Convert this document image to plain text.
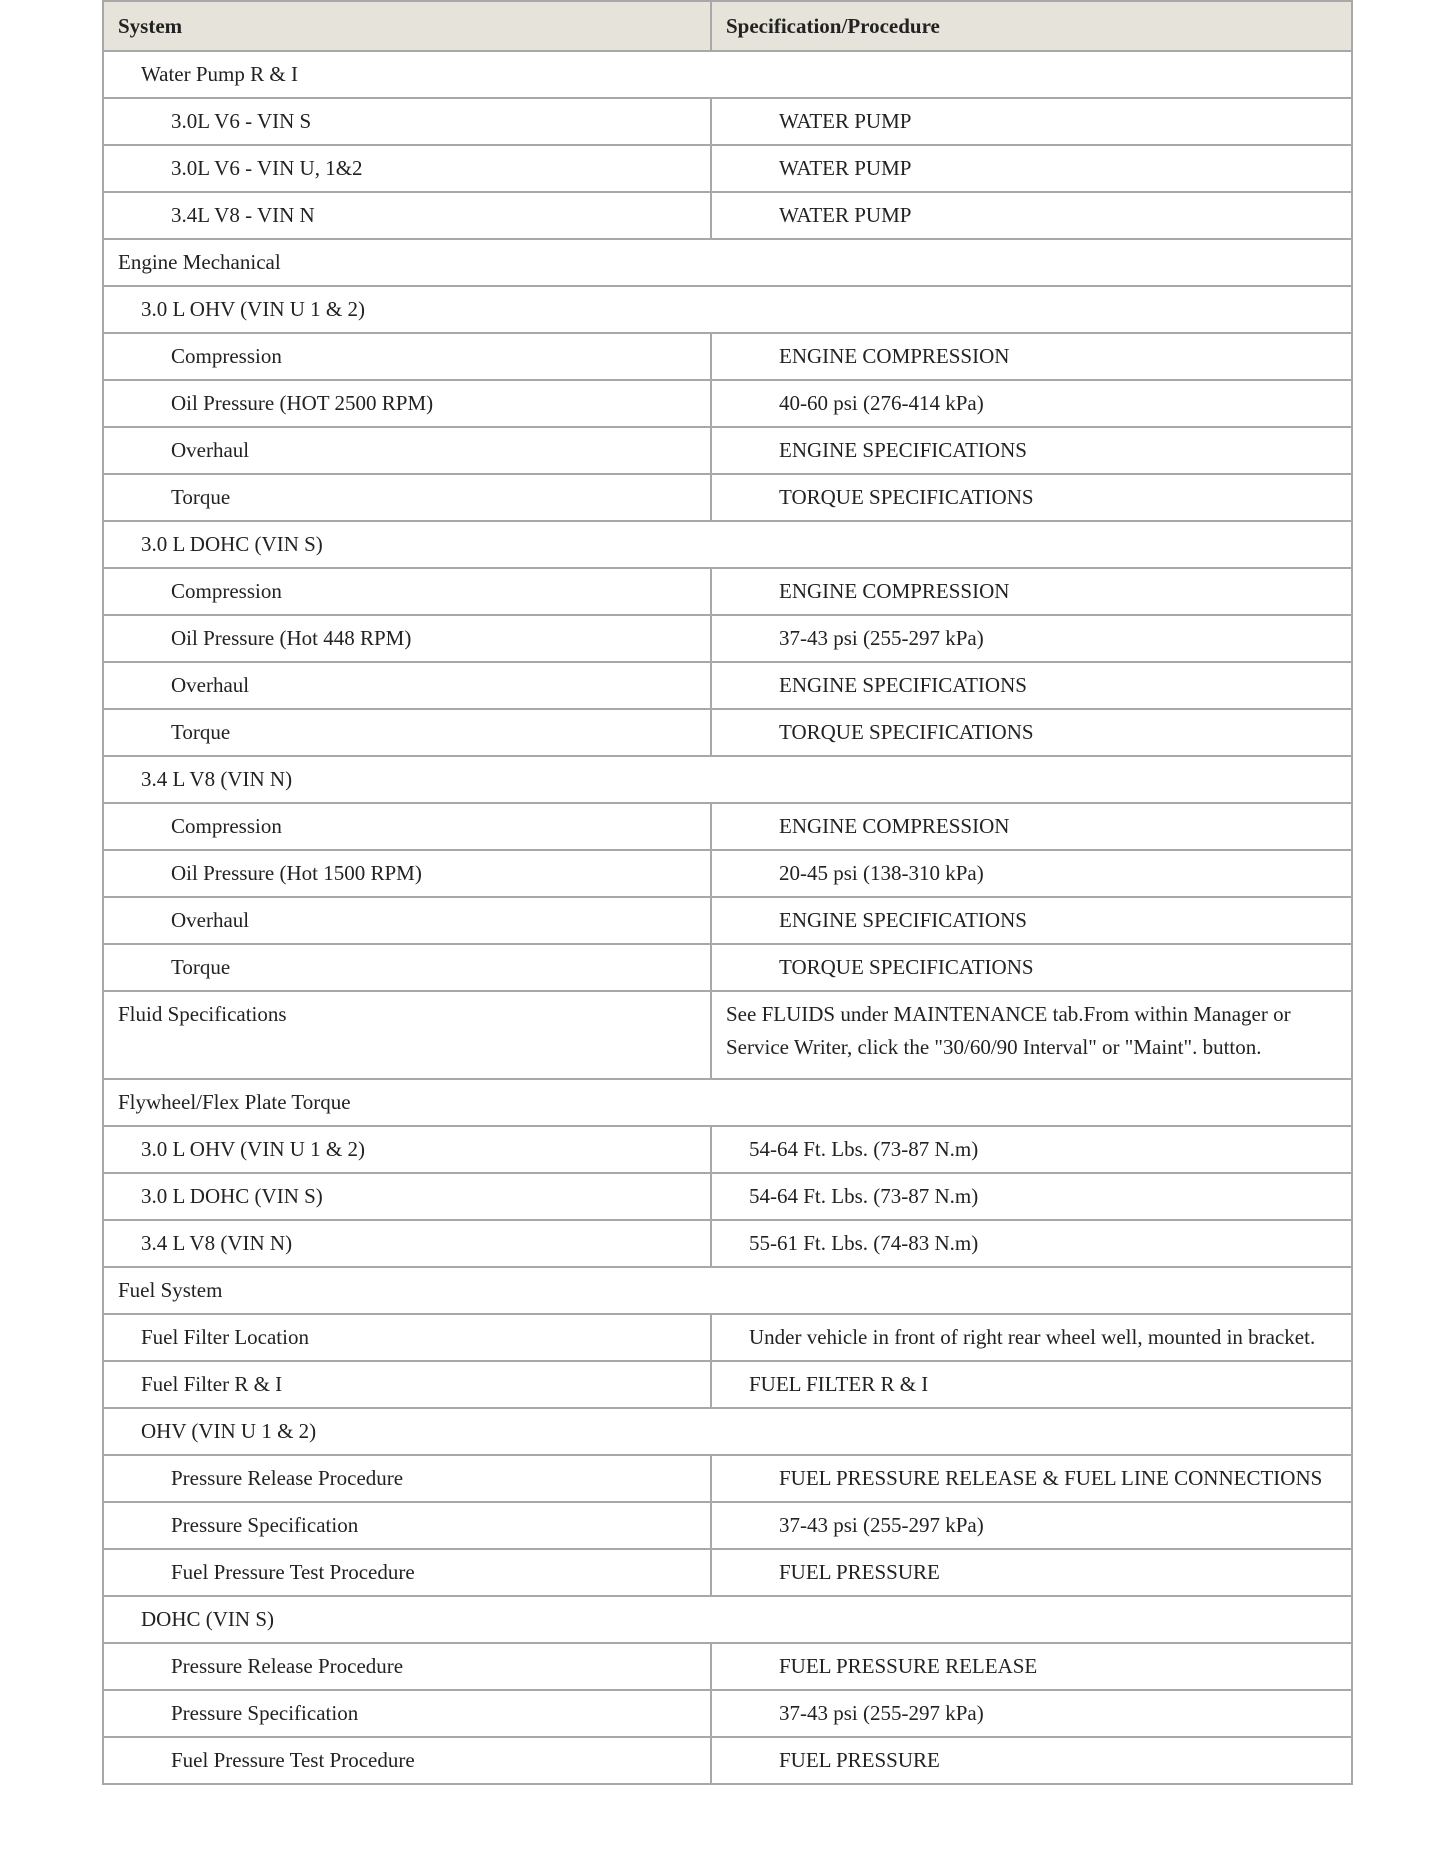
System	Specification/Procedure
Water Pump R & I	
3.0L V6 - VIN S	WATER PUMP
3.0L V6 - VIN U, 1&2	WATER PUMP
3.4L V8 - VIN N	WATER PUMP
Engine Mechanical	
3.0 L OHV (VIN U 1 & 2)	
Compression	ENGINE COMPRESSION
Oil Pressure (HOT 2500 RPM)	40-60 psi (276-414 kPa)
Overhaul	ENGINE SPECIFICATIONS
Torque	TORQUE SPECIFICATIONS
3.0 L DOHC (VIN S)	
Compression	ENGINE COMPRESSION
Oil Pressure (Hot 448 RPM)	37-43 psi (255-297 kPa)
Overhaul	ENGINE SPECIFICATIONS
Torque	TORQUE SPECIFICATIONS
3.4 L V8 (VIN N)	
Compression	ENGINE COMPRESSION
Oil Pressure (Hot 1500 RPM)	20-45 psi (138-310 kPa)
Overhaul	ENGINE SPECIFICATIONS
Torque	TORQUE SPECIFICATIONS
Fluid Specifications	See FLUIDS under MAINTENANCE tab.From within Manager or Service Writer, click the "30/60/90 Interval" or "Maint". button.
Flywheel/Flex Plate Torque	
3.0 L OHV (VIN U 1 & 2)	54-64 Ft. Lbs. (73-87 N.m)
3.0 L DOHC (VIN S)	54-64 Ft. Lbs. (73-87 N.m)
3.4 L V8 (VIN N)	55-61 Ft. Lbs. (74-83 N.m)
Fuel System	
Fuel Filter Location	Under vehicle in front of right rear wheel well, mounted in bracket.
Fuel Filter R & I	FUEL FILTER R & I
OHV (VIN U 1 & 2)	
Pressure Release Procedure	FUEL PRESSURE RELEASE & FUEL LINE CONNECTIONS
Pressure Specification	37-43 psi (255-297 kPa)
Fuel Pressure Test Procedure	FUEL PRESSURE
DOHC (VIN S)	
Pressure Release Procedure	FUEL PRESSURE RELEASE
Pressure Specification	37-43 psi (255-297 kPa)
Fuel Pressure Test Procedure	FUEL PRESSURE
